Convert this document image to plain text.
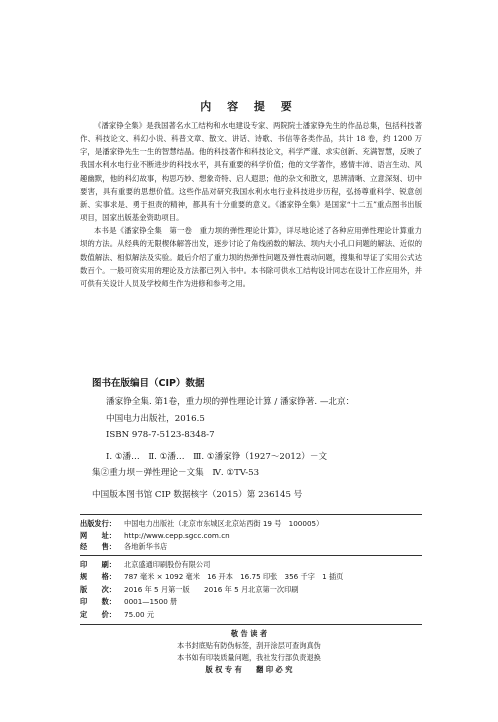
内 容 提 要

《潘家铮全集》是我国著名水工结构和水电建设专家、两院院士潘家铮先生的作品总集，包括科技著作、科技论文、科幻小说、科普文章、散文、讲话、诗歌、书信等各类作品，共计 18 卷，约 1200 万字，是潘家铮先生一生的智慧结晶。他的科技著作和科技论文，科学严谨、求实创新、充满智慧，反映了我国水利水电行业不断进步的科技水平，具有重要的科学价值；他的文学著作，感情丰沛、语言生动、风趣幽默，他的科幻故事，构思巧妙、想象奇特、启人遐思；他的杂文和散文，思辨清晰、立意深刻、切中要害，具有重要的思想价值。这些作品对研究我国水利水电行业科技进步历程，弘扬尊重科学、锐意创新、实事求是、勇于担责的精神，都具有十分重要的意义。《潘家铮全集》是国家“十二五”重点图书出版项目，国家出版基金资助项目。

本书是《潘家铮全集　第一卷　重力坝的弹性理论计算》，详尽地论述了各种应用弹性理论计算重力坝的方法。从经典的无限楔体解答出发，逐步讨论了角线函数的解法、坝内大小孔口问题的解法、近似的数值解法、相似解法及实验。最后介绍了重力坝的热弹性问题及弹性震动问题，搜集和导证了实用公式达数百个。一般可资实用的理论及方法都已列入书中。本书除可供水工结构设计同志在设计工作应用外，并可供有关设计人员及学校师生作为进修和参考之用。

图书在版编目（CIP）数据
潘家铮全集. 第1卷，重力坝的弹性理论计算 / 潘家铮著. —北京：
中国电力出版社，2016.5
ISBN 978-7-5123-8348-7
Ⅰ. ①潘…　Ⅱ. ①潘…　Ⅲ. ①潘家铮（1927～2012）－文
集②重力坝－弹性理论－文集　Ⅳ. ①TV-53
中国版本图书馆 CIP 数据核字（2015）第 236145 号
出版发行：	中国电力出版社（北京市东城区北京站西街 19 号　100005）
网　　址：	http://www.cepp.sgcc.com.cn
经　　售：	各地新华书店
印　　刷：	北京盛通印刷股份有限公司
规　　格：	787 毫米 × 1092 毫米　16 开本　16.75 印张　356 千字　1 插页
版　　次：	2016 年 5 月第一版　　2016 年 5 月北京第一次印刷
印　　数：	0001—1500 册
定　　价：	75.00 元
敬 告 读 者
本书封底贴有防伪标签，刮开涂层可查询真伪
本书如有印装质量问题，我社发行部负责退换
版 权 专 有　　翻 印 必 究
